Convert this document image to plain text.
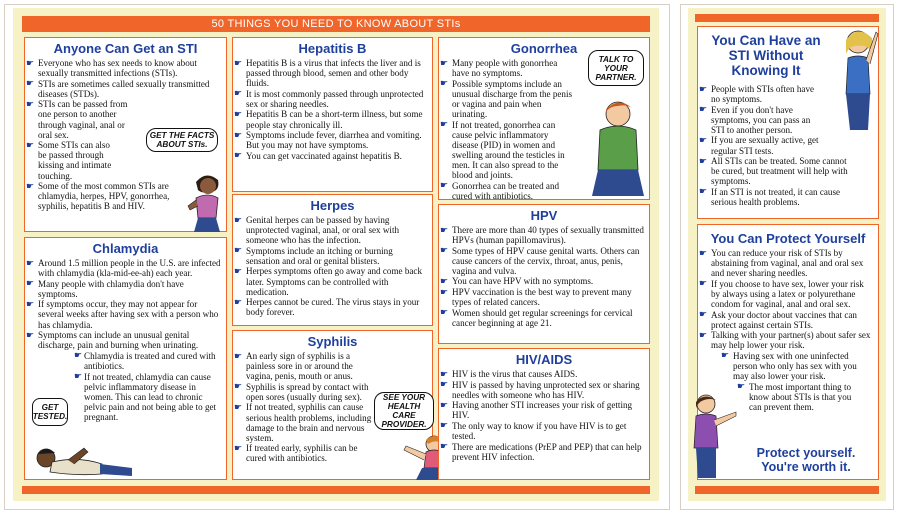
50 THINGS YOU NEED TO KNOW ABOUT STIs
Anyone Can Get an STI
☛ Everyone who has sex needs to know about sexually transmitted infections (STIs).
☛ STIs are sometimes called sexually transmitted diseases (STDs).
☛ STIs can be passed from one person to another through vaginal, anal or oral sex.
☛ Some STIs can also be passed through kissing and intimate touching.
☛ Some of the most common STIs are chlamydia, herpes, HPV, gonorrhea, syphilis, hepatitis B and HIV.
GET THE FACTS ABOUT STIs.
Chlamydia
☛ Around 1.5 million people in the U.S. are infected with chlamydia (kla-mid-ee-ah) each year.
☛ Many people with chlamydia don't have symptoms.
☛ If symptoms occur, they may not appear for several weeks after having sex with a person who has chlamydia.
☛ Symptoms can include an unusual genital discharge, pain and burning when urinating.
☛ Chlamydia is treated and cured with antibiotics.
☛ If not treated, chlamydia can cause pelvic inflammatory disease in women. This can lead to chronic pelvic pain and not being able to get pregnant.
GET TESTED.
Hepatitis B
☛ Hepatitis B is a virus that infects the liver and is passed through blood, semen and other body fluids.
☛ It is most commonly passed through unprotected sex or sharing needles.
☛ Hepatitis B can be a short-term illness, but some people stay chronically ill.
☛ Symptoms include fever, diarrhea and vomiting. But you may not have symptoms.
☛ You can get vaccinated against hepatitis B.
Herpes
☛ Genital herpes can be passed by having unprotected vaginal, anal, or oral sex with someone who has the infection.
☛ Symptoms include an itching or burning sensation and oral or genital blisters.
☛ Herpes symptoms often go away and come back later. Symptoms can be controlled with medication.
☛ Herpes cannot be cured. The virus stays in your body forever.
Syphilis
☛ An early sign of syphilis is a painless sore in or around the vagina, penis, mouth or anus.
☛ Syphilis is spread by contact with open sores (usually during sex).
☛ If not treated, syphilis can cause serious health problems, including damage to the brain and nervous system.
☛ If treated early, syphilis can be cured with antibiotics.
SEE YOUR HEALTH CARE PROVIDER.
Gonorrhea
☛ Many people with gonorrhea have no symptoms.
☛ Possible symptoms include an unusual discharge from the penis or vagina and pain when urinating.
☛ If not treated, gonorrhea can cause pelvic inflammatory disease (PID) in women and swelling around the testicles in men. It can also spread to the blood and joints.
☛ Gonorrhea can be treated and cured with antibiotics.
TALK TO YOUR PARTNER.
HPV
☛ There are more than 40 types of sexually transmitted HPVs (human papillomavirus).
☛ Some types of HPV cause genital warts. Others can cause cancers of the cervix, throat, anus, penis, vagina and vulva.
☛ You can have HPV with no symptoms.
☛ HPV vaccination is the best way to prevent many types of related cancers.
☛ Women should get regular screenings for cervical cancer beginning at age 21.
HIV/AIDS
☛ HIV is the virus that causes AIDS.
☛ HIV is passed by having unprotected sex or sharing needles with someone who has HIV.
☛ Having another STI increases your risk of getting HIV.
☛ The only way to know if you have HIV is to get tested.
☛ There are medications (PrEP and PEP) that can help prevent HIV infection.
You Can Have an STI Without Knowing It
☛ People with STIs often have no symptoms.
☛ Even if you don't have symptoms, you can pass an STI to another person.
☛ If you are sexually active, get regular STI tests.
☛ All STIs can be treated. Some cannot be cured, but treatment will help with symptoms.
☛ If an STI is not treated, it can cause serious health problems.
You Can Protect Yourself
☛ You can reduce your risk of STIs by abstaining from vaginal, anal and oral sex and never sharing needles.
☛ If you choose to have sex, lower your risk by always using a latex or polyurethane condom for vaginal, anal and oral sex.
☛ Ask your doctor about vaccines that can protect against certain STIs.
☛ Talking with your partner(s) about safer sex may help lower your risk.
☛ Having sex with one uninfected person who only has sex with you may also lower your risk.
☛ The most important thing to know about STIs is that you can prevent them.
Protect yourself.
You're worth it.
